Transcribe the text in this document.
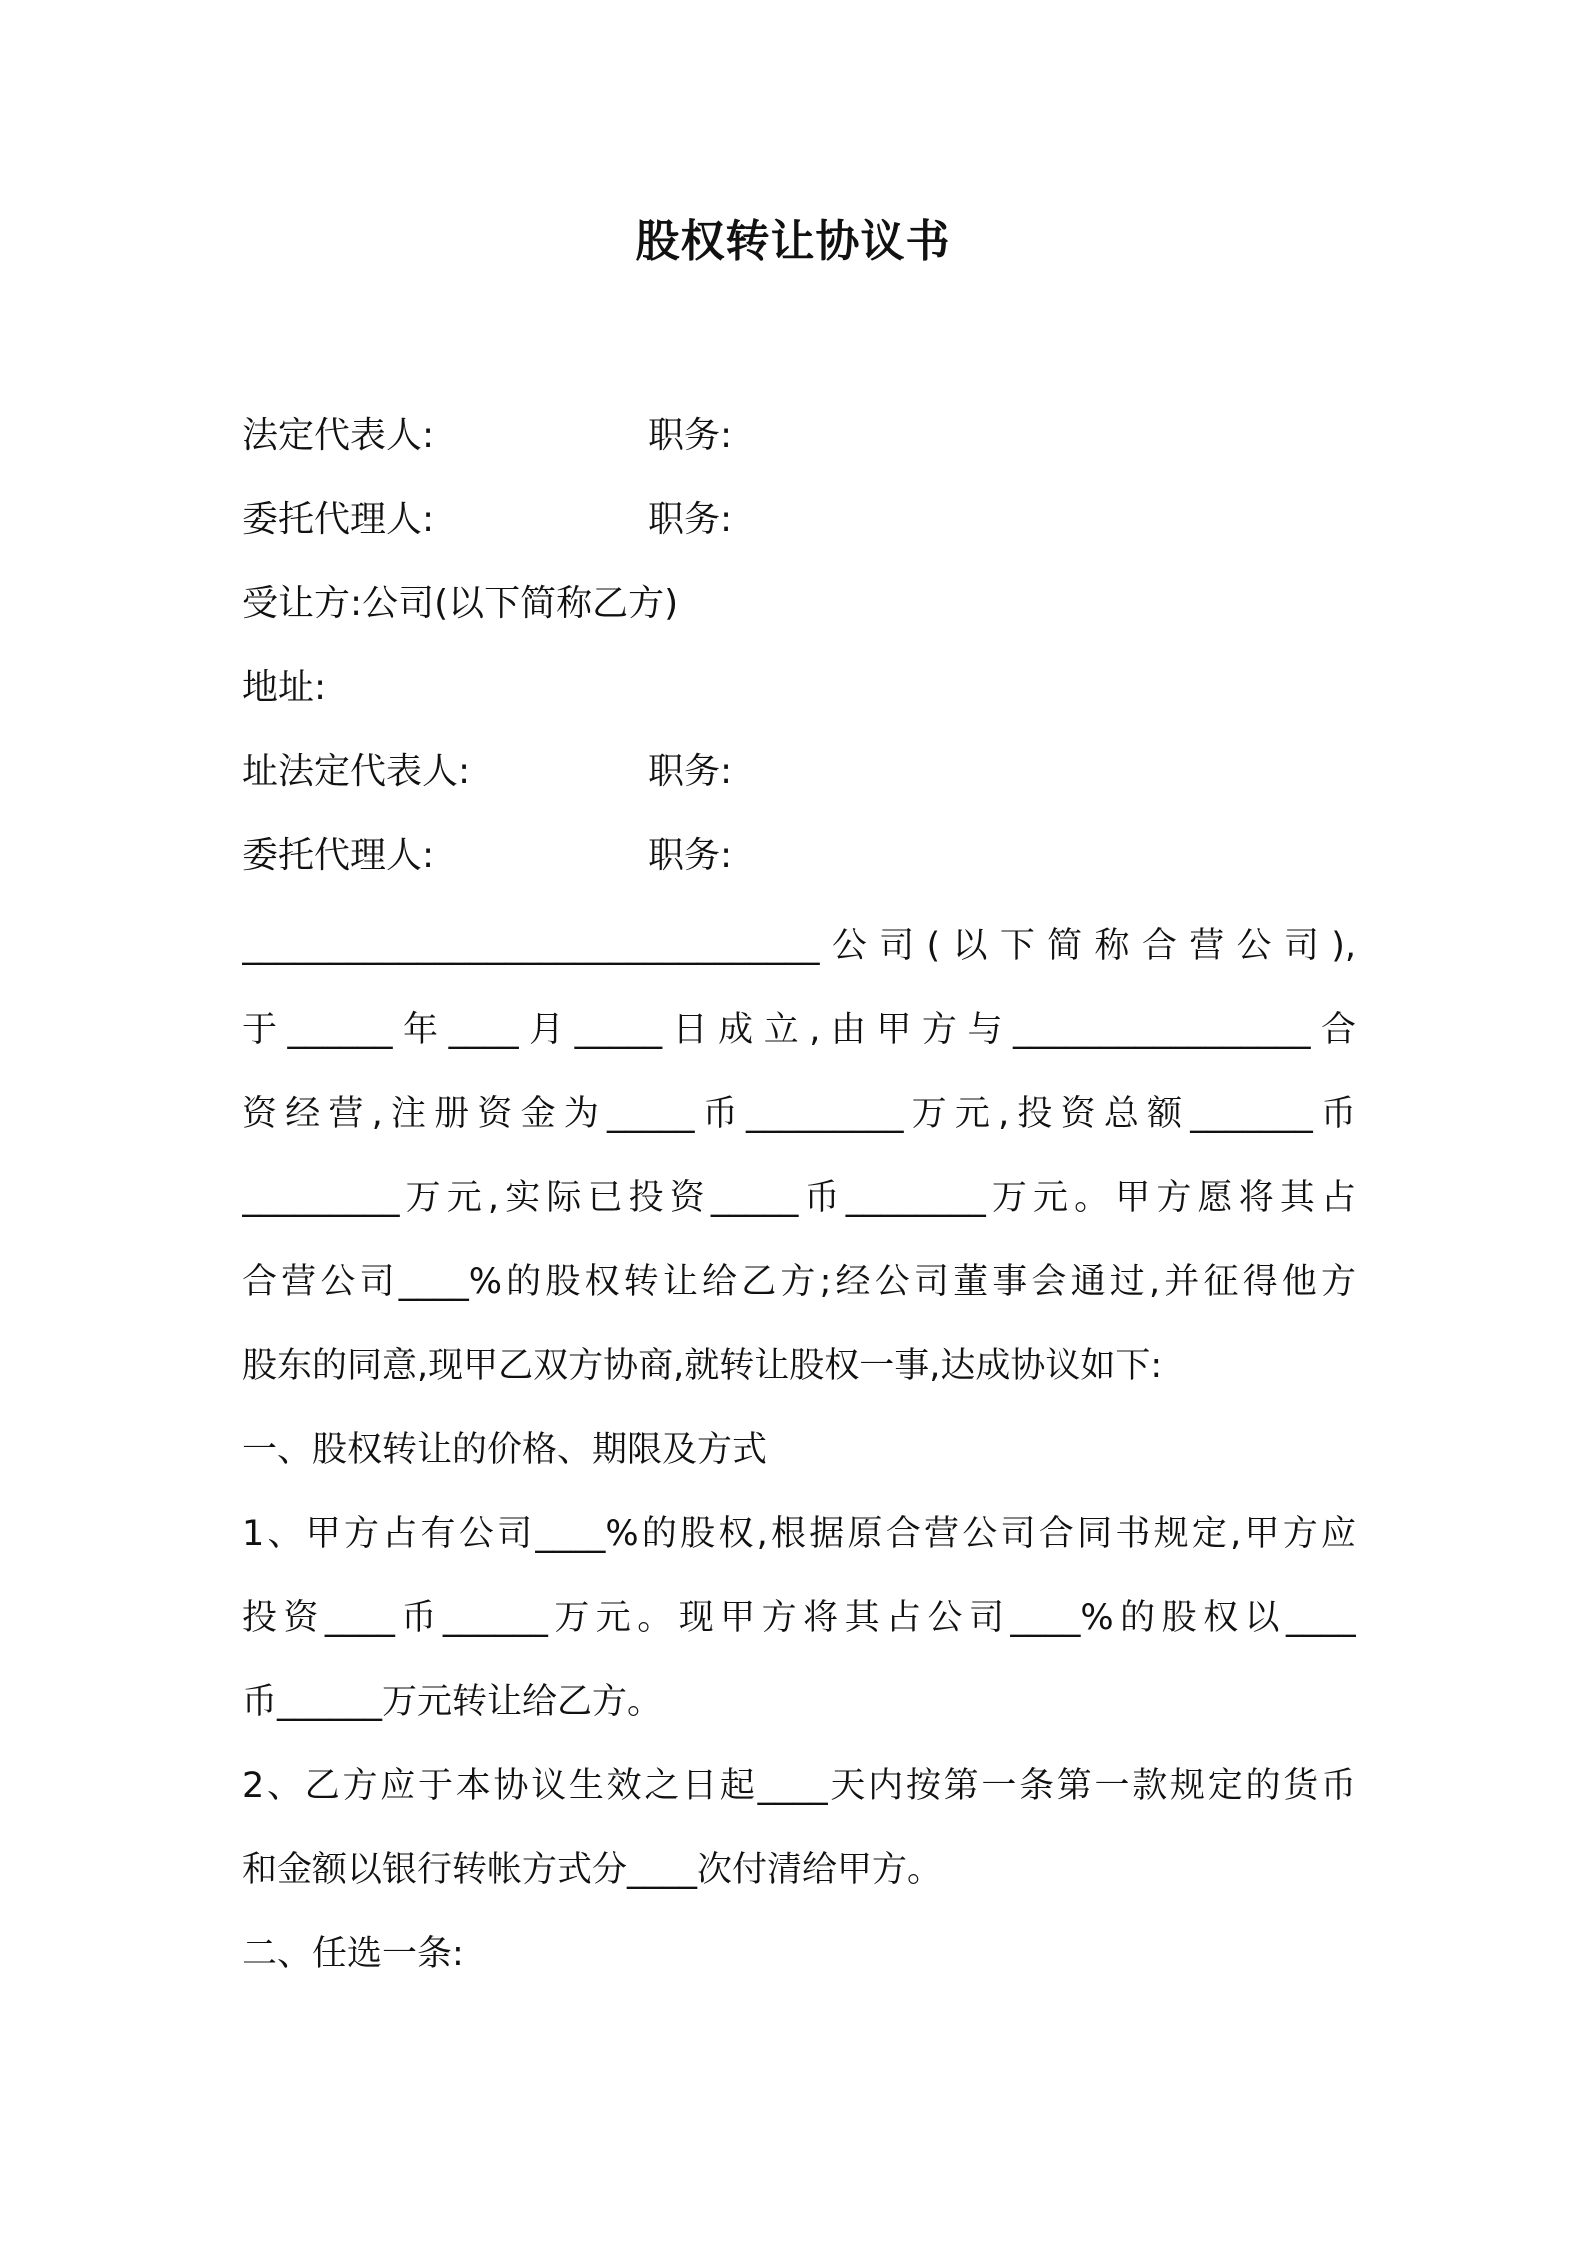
股权转让协议书
法定代表人:	职务:
委托代理人:	职务:
受让方:公司(以下简称乙方)
地址:
址法定代表人:	职务:
委托代理人:	职务:
_________________________________公司(以下简称合营公司),
于______年____月_____日成立,由甲方与_________________合
资经营,注册资金为_____币_________万元,投资总额_______币
_________万元,实际已投资_____币________万元。甲方愿将其占
合营公司____%的股权转让给乙方;经公司董事会通过,并征得他方
股东的同意,现甲乙双方协商,就转让股权一事,达成协议如下:
一、股权转让的价格、期限及方式
1、甲方占有公司____%的股权,根据原合营公司合同书规定,甲方应
投资____币______万元。现甲方将其占公司____%的股权以____
币______万元转让给乙方。
2、乙方应于本协议生效之日起____天内按第一条第一款规定的货币
和金额以银行转帐方式分____次付清给甲方。
二、任选一条:
